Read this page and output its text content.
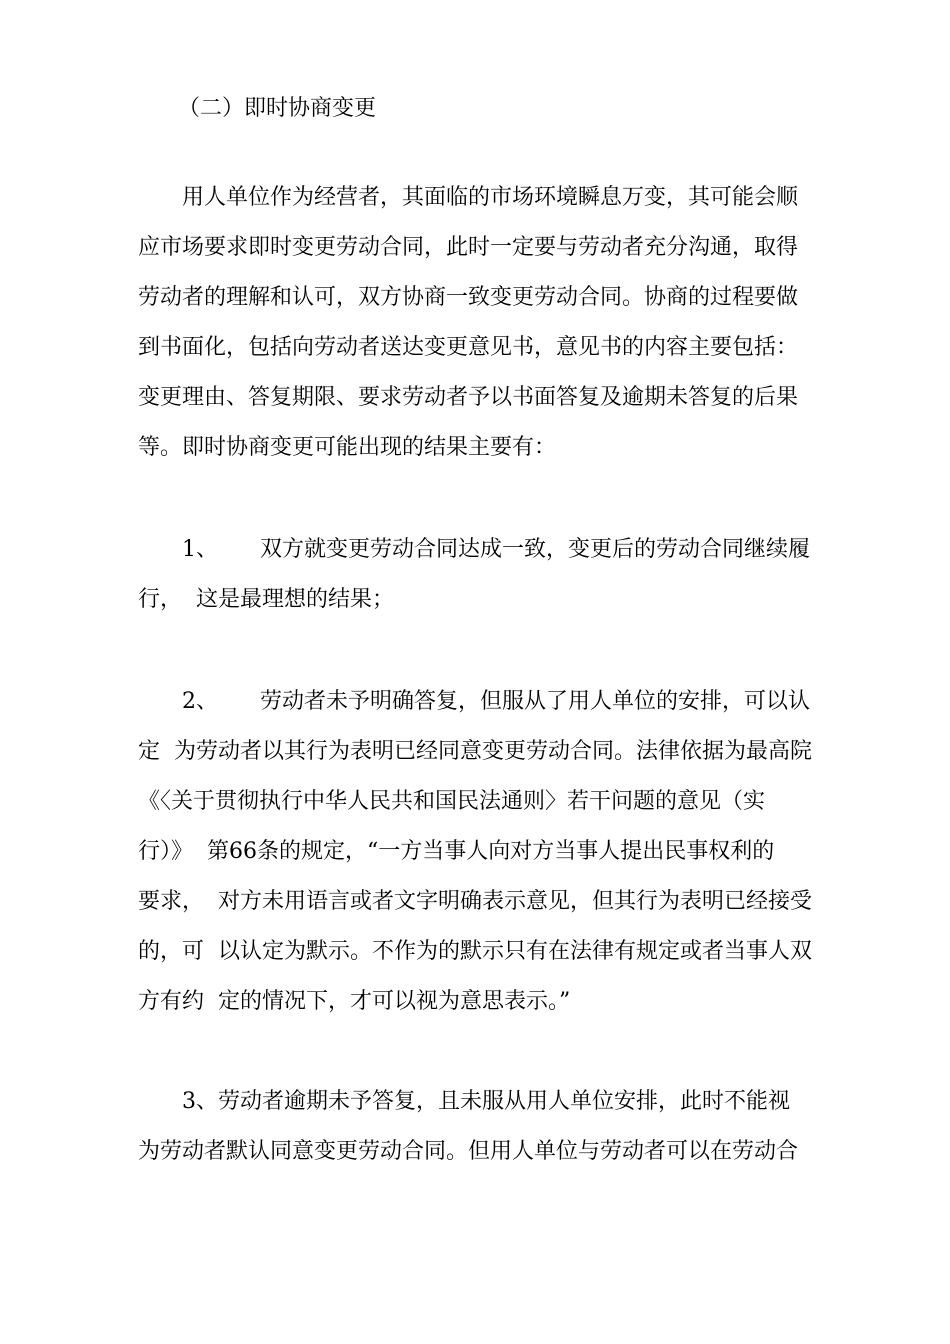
（二）即时协商变更

用人单位作为经营者，其面临的市场环境瞬息万变，其可能会顺

应市场要求即时变更劳动合同，此时一定要与劳动者充分沟通，取得

劳动者的理解和认可，双方协商一致变更劳动合同。协商的过程要做

到书面化，包括向劳动者送达变更意见书，意见书的内容主要包括：

变更理由、答复期限、要求劳动者予以书面答复及逾期未答复的后果

等。即时协商变更可能出现的结果主要有：

1、      双方就变更劳动合同达成一致，变更后的劳动合同继续履

行，  这是最理想的结果；

2、      劳动者未予明确答复，但服从了用人单位的安排，可以认

定  为劳动者以其行为表明已经同意变更劳动合同。法律依据为最高院

《〈关于贯彻执行中华人民共和国民法通则〉若干问题的意见（实

行）》  第66条的规定，“一方当事人向对方当事人提出民事权利的

要求，  对方未用语言或者文字明确表示意见，但其行为表明已经接受

的，可  以认定为默示。不作为的默示只有在法律有规定或者当事人双

方有约  定的情况下，才可以视为意思表示。”

3、劳动者逾期未予答复，且未服从用人单位安排，此时不能视

为劳动者默认同意变更劳动合同。但用人单位与劳动者可以在劳动合
